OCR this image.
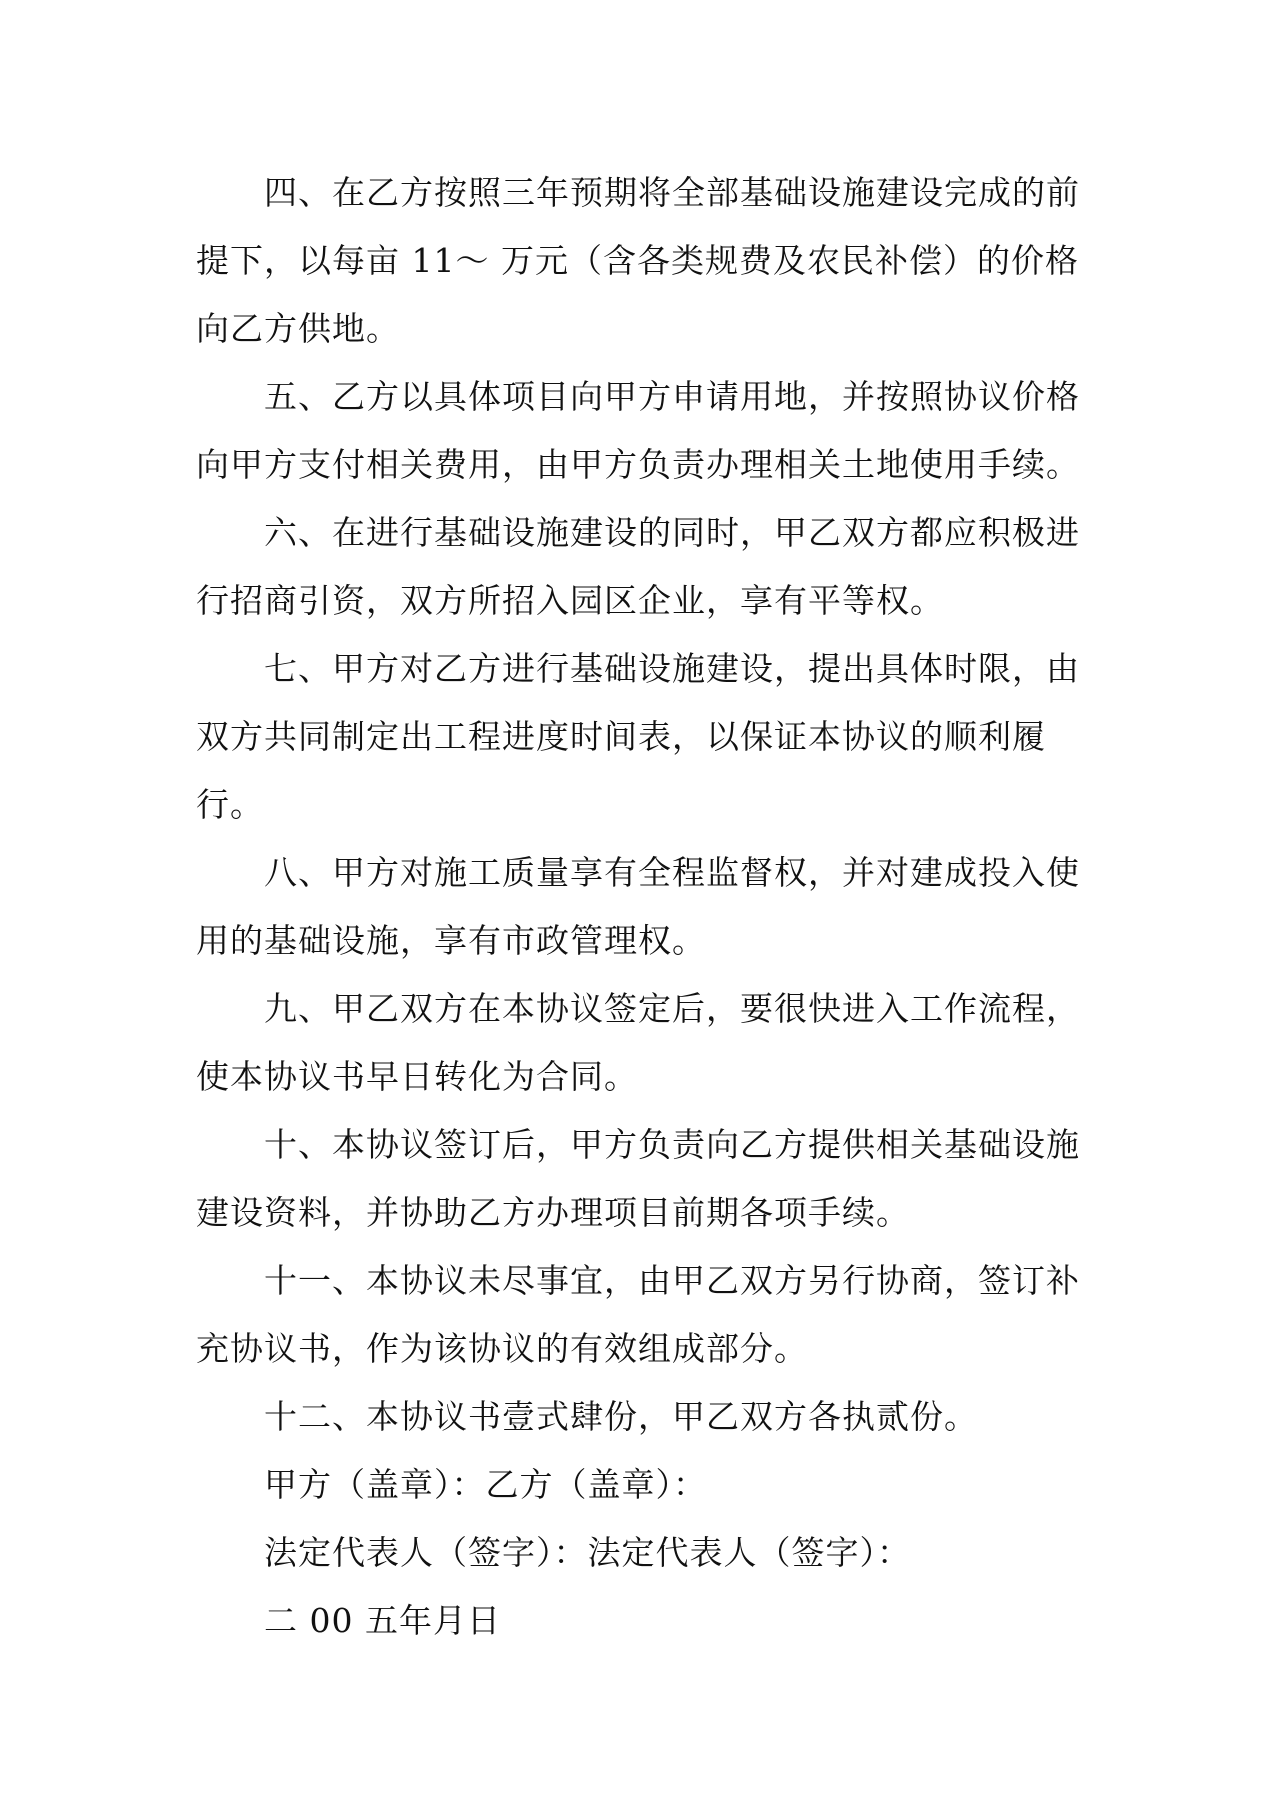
四、在乙方按照三年预期将全部基础设施建设完成的前
提下，以每亩 11～ 万元（含各类规费及农民补偿）的价格
向乙方供地。
五、乙方以具体项目向甲方申请用地，并按照协议价格
向甲方支付相关费用，由甲方负责办理相关土地使用手续。
六、在进行基础设施建设的同时，甲乙双方都应积极进
行招商引资，双方所招入园区企业，享有平等权。
七、甲方对乙方进行基础设施建设，提出具体时限，由
双方共同制定出工程进度时间表，以保证本协议的顺利履
行。
八、甲方对施工质量享有全程监督权，并对建成投入使
用的基础设施，享有市政管理权。
九、甲乙双方在本协议签定后，要很快进入工作流程，
使本协议书早日转化为合同。
十、本协议签订后，甲方负责向乙方提供相关基础设施
建设资料，并协助乙方办理项目前期各项手续。
十一、本协议未尽事宜，由甲乙双方另行协商，签订补
充协议书，作为该协议的有效组成部分。
十二、本协议书壹式肆份，甲乙双方各执贰份。
甲方（盖章）：乙方（盖章）：
法定代表人（签字）：法定代表人（签字）：
二 00 五年月日
